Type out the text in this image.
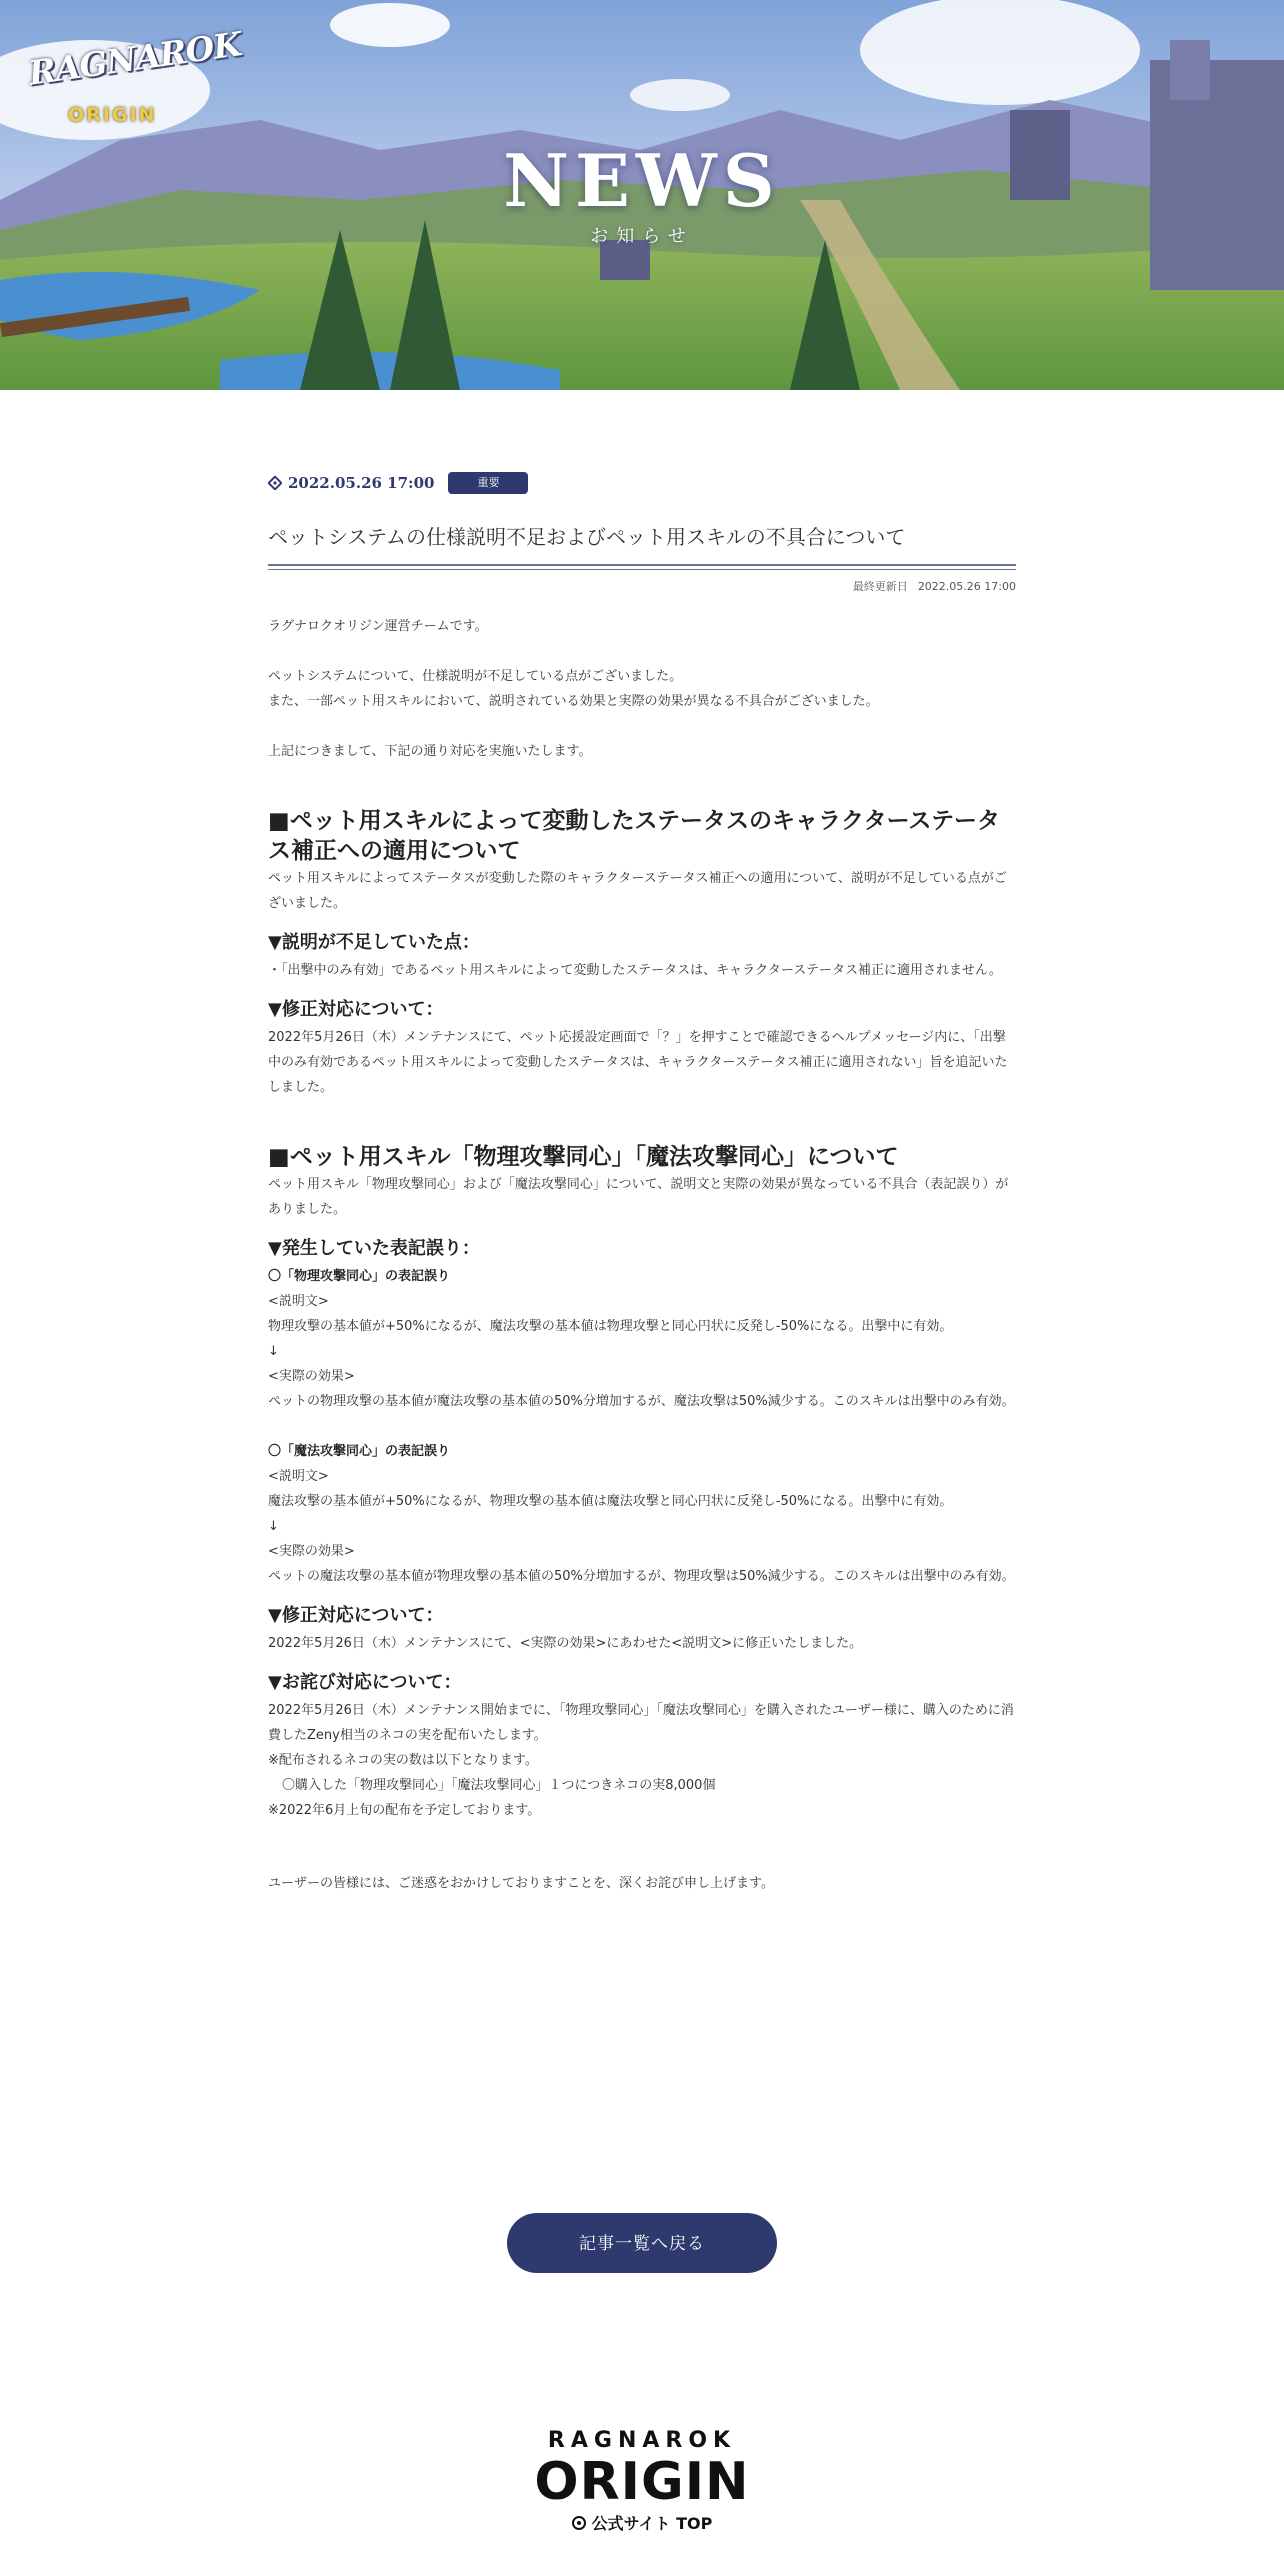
RAGNAROK
ORIGIN
NEWS
お知らせ
2022.05.26 17:00	重要
ペットシステムの仕様説明不足およびペット用スキルの不具合について
最終更新日 2022.05.26 17:00

ラグナロクオリジン運営チームです。

ペットシステムについて、仕様説明が不足している点がございました。

また、一部ペット用スキルにおいて、説明されている効果と実際の効果が異なる不具合がございました。

上記につきまして、下記の通り対応を実施いたします。

■ペット用スキルによって変動したステータスのキャラクターステータス補正への適用について

ペット用スキルによってステータスが変動した際のキャラクターステータス補正への適用について、説明が不足している点がございました。

▼説明が不足していた点：

・「出撃中のみ有効」であるペット用スキルによって変動したステータスは、キャラクターステータス補正に適用されません。

▼修正対応について：

2022年5月26日（木）メンテナンスにて、ペット応援設定画面で「？」を押すことで確認できるヘルプメッセージ内に、「出撃中のみ有効であるペット用スキルによって変動したステータスは、キャラクターステータス補正に適用されない」旨を追記いたしました。

■ペット用スキル「物理攻撃同心」「魔法攻撃同心」について

ペット用スキル「物理攻撃同心」および「魔法攻撃同心」について、説明文と実際の効果が異なっている不具合（表記誤り）がありました。

▼発生していた表記誤り：

〇「物理攻撃同心」の表記誤り

<説明文>

物理攻撃の基本値が+50%になるが、魔法攻撃の基本値は物理攻撃と同心円状に反発し-50%になる。出撃中に有効。

↓

<実際の効果>

ペットの物理攻撃の基本値が魔法攻撃の基本値の50%分増加するが、魔法攻撃は50%減少する。このスキルは出撃中のみ有効。

〇「魔法攻撃同心」の表記誤り

<説明文>

魔法攻撃の基本値が+50%になるが、物理攻撃の基本値は魔法攻撃と同心円状に反発し-50%になる。出撃中に有効。

↓

<実際の効果>

ペットの魔法攻撃の基本値が物理攻撃の基本値の50%分増加するが、物理攻撃は50%減少する。このスキルは出撃中のみ有効。

▼修正対応について：

2022年5月26日（木）メンテナンスにて、<実際の効果>にあわせた<説明文>に修正いたしました。

▼お詫び対応について：

2022年5月26日（木）メンテナンス開始までに、「物理攻撃同心」「魔法攻撃同心」を購入されたユーザー様に、購入のために消費したZeny相当のネコの実を配布いたします。

※配布されるネコの実の数は以下となります。

〇購入した「物理攻撃同心」「魔法攻撃同心」１つにつきネコの実8,000個

※2022年6月上旬の配布を予定しております。

ユーザーの皆様には、ご迷惑をおかけしておりますことを、深くお詫び申し上げます。

記事一覧へ戻る
RAGNAROK
ORIGIN
公式サイト TOP
